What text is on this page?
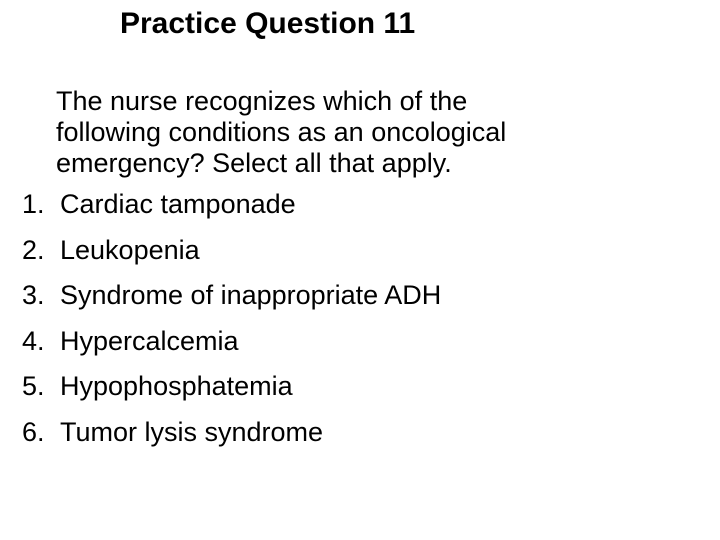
Practice Question 11
The nurse recognizes which of the
following conditions as an oncological
emergency? Select all that apply.
1. Cardiac tamponade
2. Leukopenia
3. Syndrome of inappropriate ADH
4. Hypercalcemia
5. Hypophosphatemia
6. Tumor lysis syndrome
